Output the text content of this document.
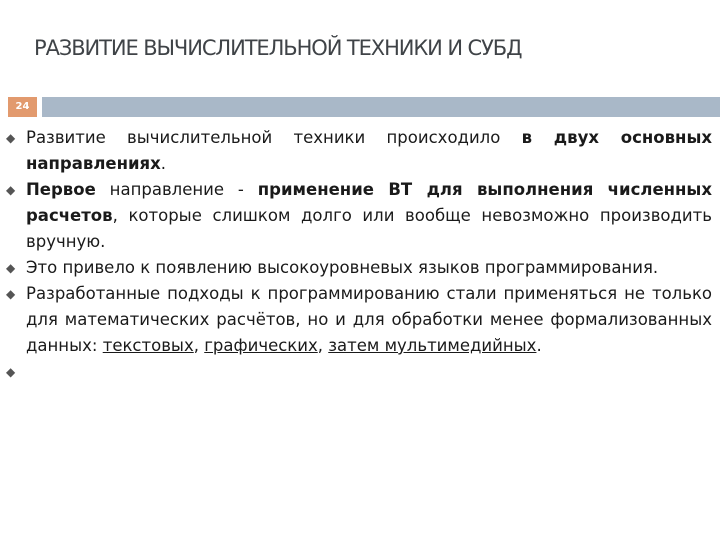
РАЗВИТИЕ ВЫЧИСЛИТЕЛЬНОЙ ТЕХНИКИ И СУБД
24
◆ Развитие вычислительной техники происходило в двух основных направлениях.
◆ Первое направление - применение ВТ для выполнения численных расчетов, которые слишком долго или вообще невозможно производить вручную.
◆ Это привело к появлению высокоуровневых языков программирования.
◆ Разработанные подходы к программированию стали применяться не только для математических расчётов, но и для обработки менее формализованных данных: текстовых, графических, затем мультимедийных.
◆
